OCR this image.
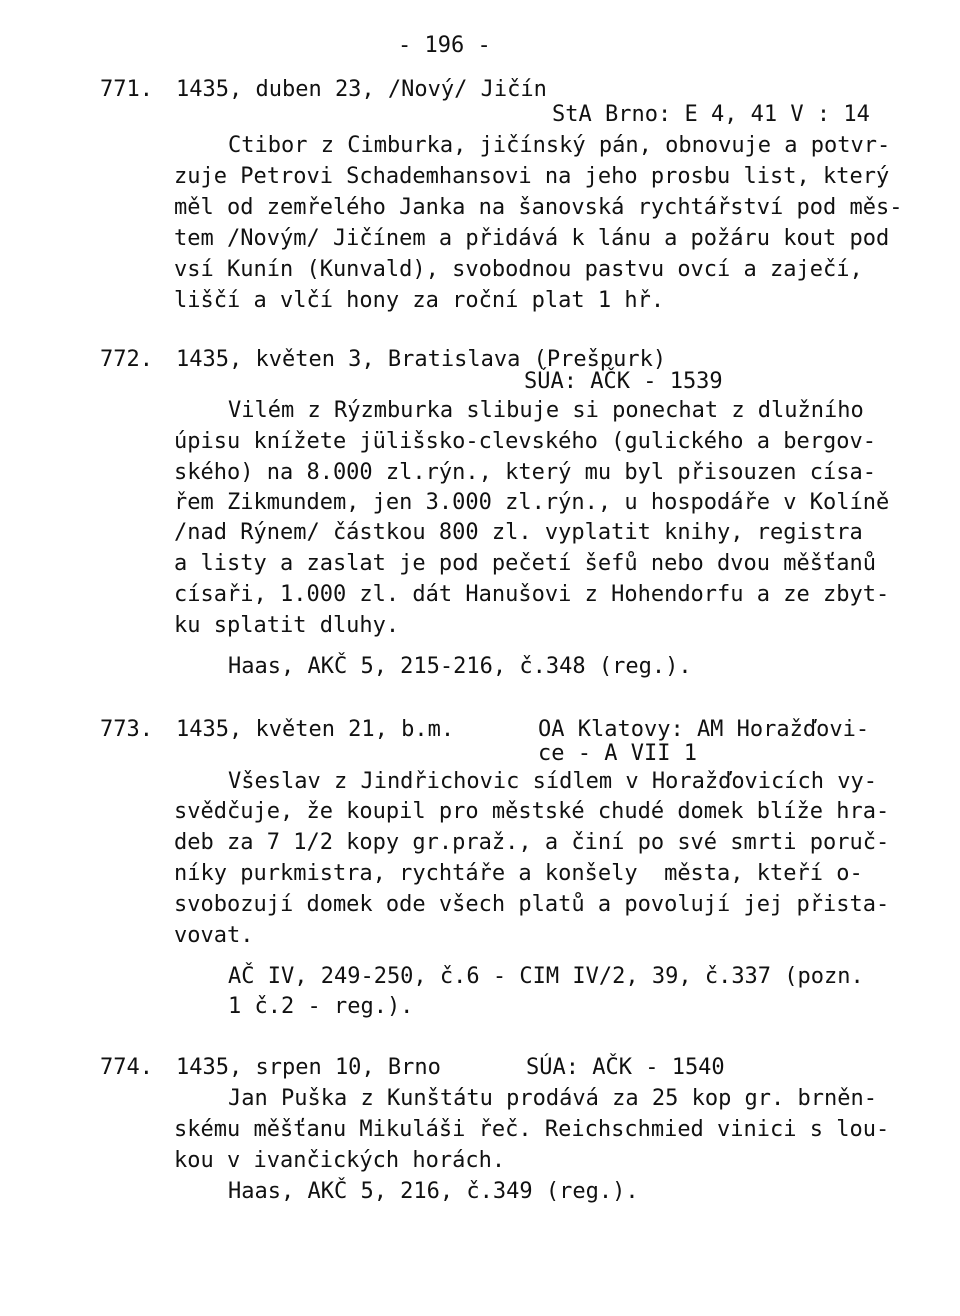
- 196 -
771. 1435, duben 23, /Nový/ Jičín
StA Brno: E 4, 41 V : 14
Ctibor z Cimburka, jičínský pán, obnovuje a potvr-
zuje Petrovi Schademhansovi na jeho prosbu list, který
měl od zemřelého Janka na šanovská rychtářství pod měs-
tem /Novým/ Jičínem a přidává k lánu a požáru kout pod
vsí Kunín (Kunvald), svobodnou pastvu ovcí a zaječí,
liščí a vlčí hony za roční plat 1 hř.
772. 1435, květen 3, Bratislava (Prešpurk)
SÚA: AČK - 1539
Vilém z Rýzmburka slibuje si ponechat z dlužního
úpisu knížete jülišsko-clevského (gulického a bergov-
ského) na 8.000 zl.rýn., který mu byl přisouzen císa-
řem Zikmundem, jen 3.000 zl.rýn., u hospodáře v Kolíně
/nad Rýnem/ částkou 800 zl. vyplatit knihy, registra
a listy a zaslat je pod pečetí šefů nebo dvou měšťanů
císaři, 1.000 zl. dát Hanušovi z Hohendorfu a ze zbyt-
ku splatit dluhy.
Haas, AKČ 5, 215-216, č.348 (reg.).
773. 1435, květen 21, b.m.	OA Klatovy: AM Horažďovi-
ce - A VII 1
Všeslav z Jindřichovic sídlem v Horažďovicích vy-
svědčuje, že koupil pro městské chudé domek blíže hra-
deb za 7 1/2 kopy gr.praž., a činí po své smrti poruč-
níky purkmistra, rychtáře a konšely  města, kteří o-
svobozují domek ode všech platů a povolují jej přista-
vovat.
AČ IV, 249-250, č.6 - CIM IV/2, 39, č.337 (pozn.
1 č.2 - reg.).
774. 1435, srpen 10, Brno	SÚA: AČK - 1540
Jan Puška z Kunštátu prodává za 25 kop gr. brněn-
skému měšťanu Mikuláši řeč. Reichschmied vinici s lou-
kou v ivančických horách.
Haas, AKČ 5, 216, č.349 (reg.).
